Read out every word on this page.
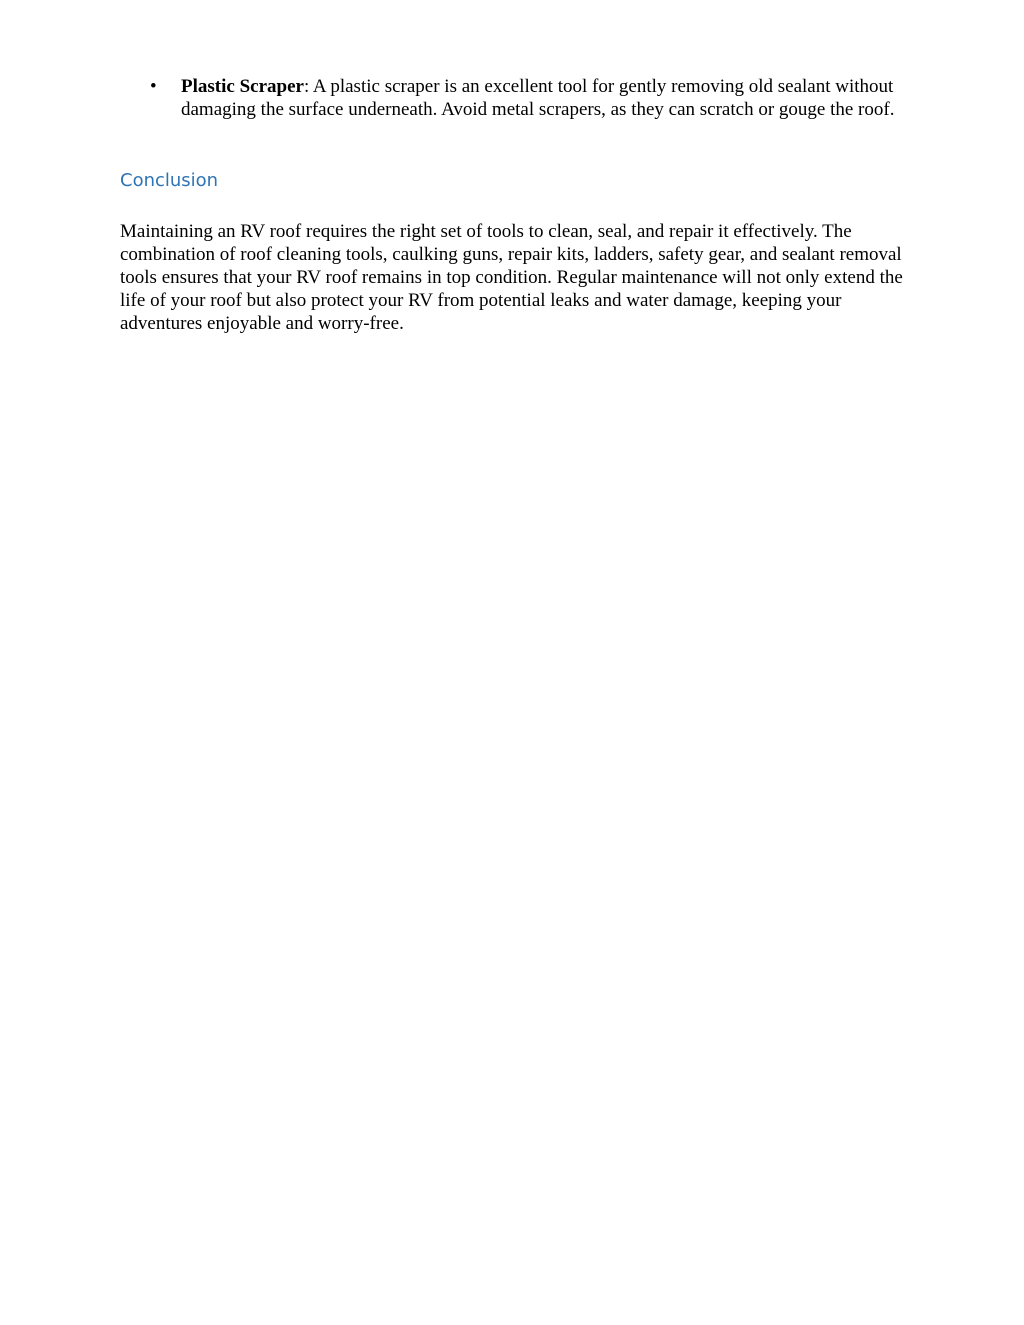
• Plastic Scraper: A plastic scraper is an excellent tool for gently removing old sealant without damaging the surface underneath. Avoid metal scrapers, as they can scratch or gouge the roof.
Conclusion

Maintaining an RV roof requires the right set of tools to clean, seal, and repair it effectively. The combination of roof cleaning tools, caulking guns, repair kits, ladders, safety gear, and sealant removal tools ensures that your RV roof remains in top condition. Regular maintenance will not only extend the life of your roof but also protect your RV from potential leaks and water damage, keeping your adventures enjoyable and worry-free.
